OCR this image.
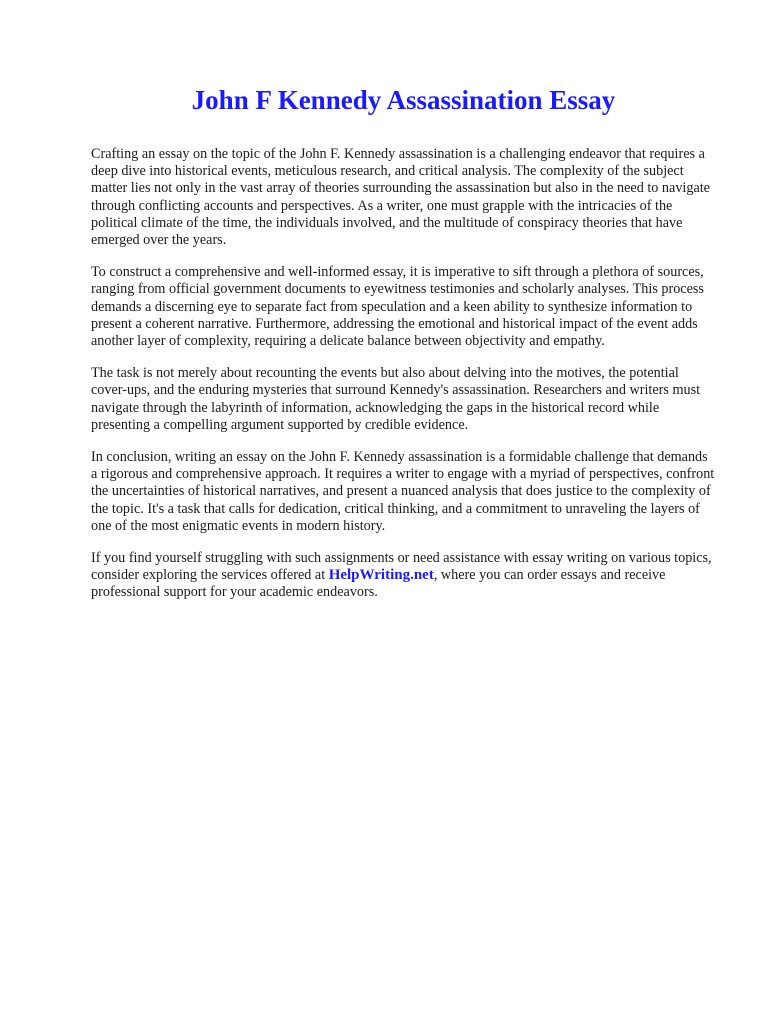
John F Kennedy Assassination Essay

Crafting an essay on the topic of the John F. Kennedy assassination is a challenging endeavor that requires a deep dive into historical events, meticulous research, and critical analysis. The complexity of the subject matter lies not only in the vast array of theories surrounding the assassination but also in the need to navigate through conflicting accounts and perspectives. As a writer, one must grapple with the intricacies of the political climate of the time, the individuals involved, and the multitude of conspiracy theories that have emerged over the years.

To construct a comprehensive and well-informed essay, it is imperative to sift through a plethora of sources, ranging from official government documents to eyewitness testimonies and scholarly analyses. This process demands a discerning eye to separate fact from speculation and a keen ability to synthesize information to present a coherent narrative. Furthermore, addressing the emotional and historical impact of the event adds another layer of complexity, requiring a delicate balance between objectivity and empathy.

The task is not merely about recounting the events but also about delving into the motives, the potential cover-ups, and the enduring mysteries that surround Kennedy's assassination. Researchers and writers must navigate through the labyrinth of information, acknowledging the gaps in the historical record while presenting a compelling argument supported by credible evidence.

In conclusion, writing an essay on the John F. Kennedy assassination is a formidable challenge that demands a rigorous and comprehensive approach. It requires a writer to engage with a myriad of perspectives, confront the uncertainties of historical narratives, and present a nuanced analysis that does justice to the complexity of the topic. It's a task that calls for dedication, critical thinking, and a commitment to unraveling the layers of one of the most enigmatic events in modern history.

If you find yourself struggling with such assignments or need assistance with essay writing on various topics, consider exploring the services offered at HelpWriting.net, where you can order essays and receive professional support for your academic endeavors.
